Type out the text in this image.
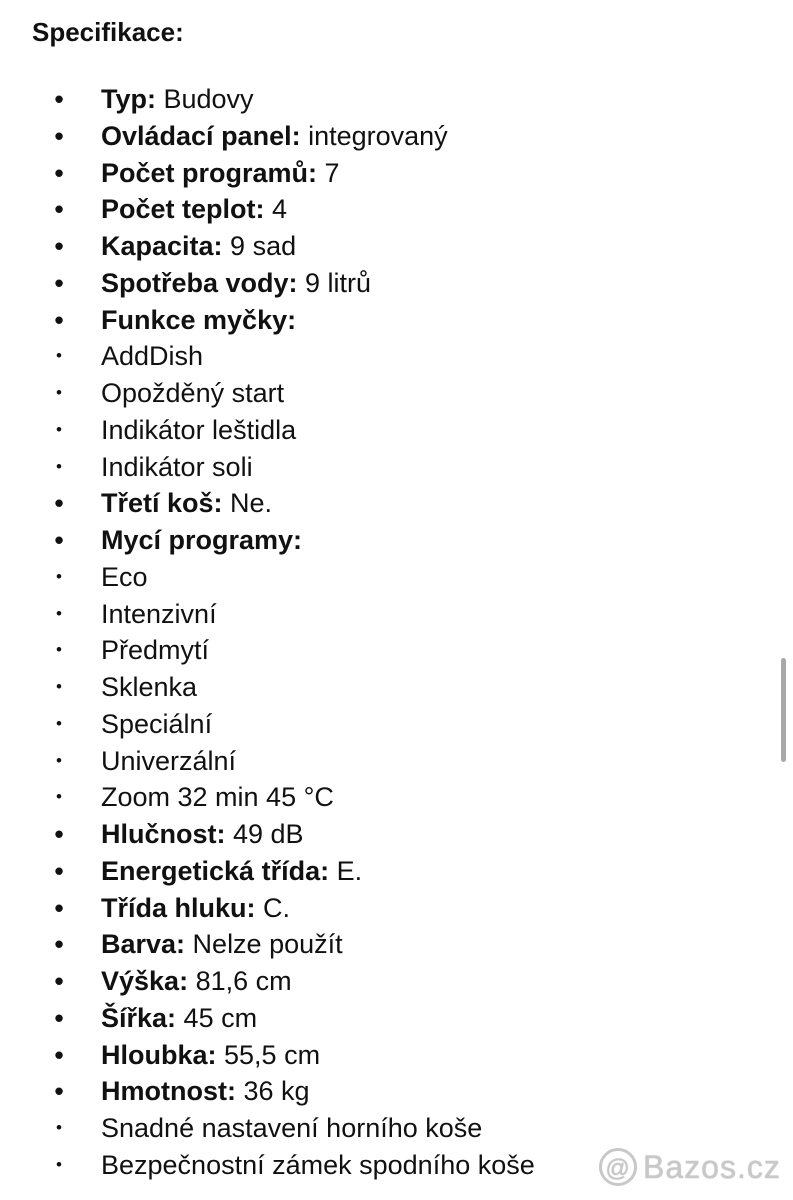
Specifikace:
• Typ: Budovy
• Ovládací panel: integrovaný
• Počet programů: 7
• Počet teplot: 4
• Kapacita: 9 sad
• Spotřeba vody: 9 litrů
• Funkce myčky:
• AddDish
• Opožděný start
• Indikátor leštidla
• Indikátor soli
• Třetí koš: Ne.
• Mycí programy:
• Eco
• Intenzivní
• Předmytí
• Sklenka
• Speciální
• Univerzální
• Zoom 32 min 45 °C
• Hlučnost: 49 dB
• Energetická třída: E.
• Třída hluku: C.
• Barva: Nelze použít
• Výška: 81,6 cm
• Šířka: 45 cm
• Hloubka: 55,5 cm
• Hmotnost: 36 kg
• Snadné nastavení horního koše
• Bezpečnostní zámek spodního koše	@ Bazos.cz
